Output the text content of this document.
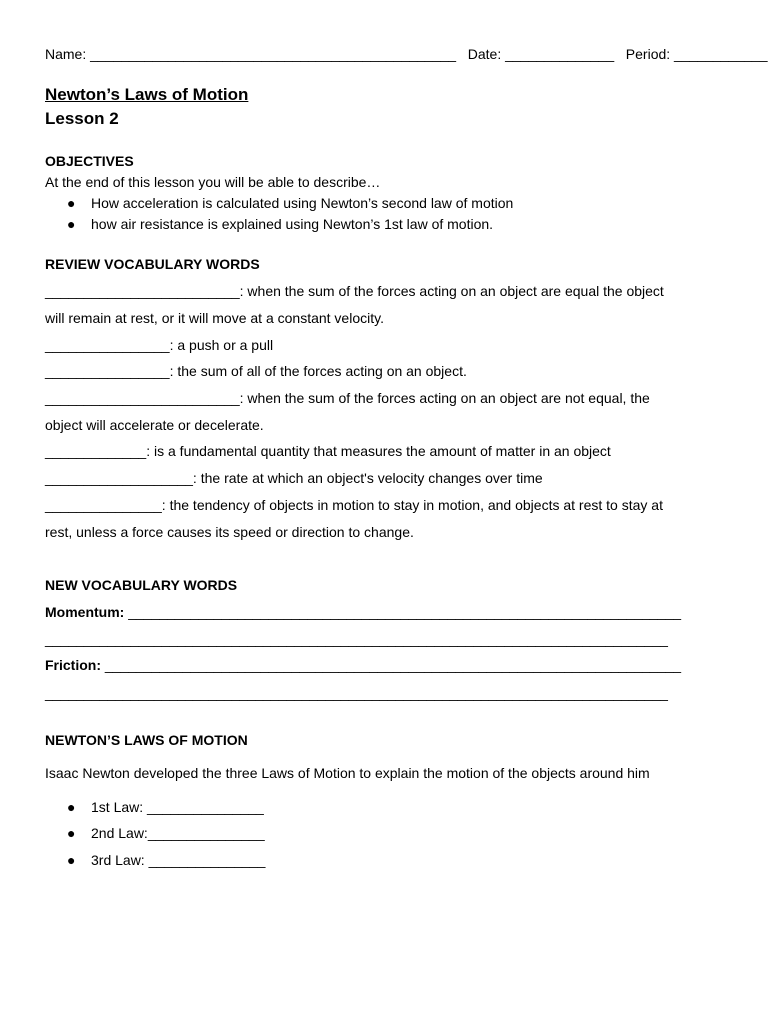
Name: _______________________________________________ Date: ______________ Period: ____________
Newton’s Laws of Motion
Lesson 2
OBJECTIVES
At the end of this lesson you will be able to describe…
● How acceleration is calculated using Newton’s second law of motion
● how air resistance is explained using Newton’s 1st law of motion.
REVIEW VOCABULARY WORDS
_________________________: when the sum of the forces acting on an object are equal the object
will remain at rest, or it will move at a constant velocity.
________________: a push or a pull
________________: the sum of all of the forces acting on an object.
_________________________: when the sum of the forces acting on an object are not equal, the
object will accelerate or decelerate.
_____________: is a fundamental quantity that measures the amount of matter in an object
___________________: the rate at which an object's velocity changes over time
_______________: the tendency of objects in motion to stay in motion, and objects at rest to stay at
rest, unless a force causes its speed or direction to change.
NEW VOCABULARY WORDS
Momentum: _______________________________________________________________________
________________________________________________________________________________
Friction: __________________________________________________________________________
________________________________________________________________________________
NEWTON’S LAWS OF MOTION
Isaac Newton developed the three Laws of Motion to explain the motion of the objects around him
● 1st Law: _______________
● 2nd Law:_______________
● 3rd Law: _______________
